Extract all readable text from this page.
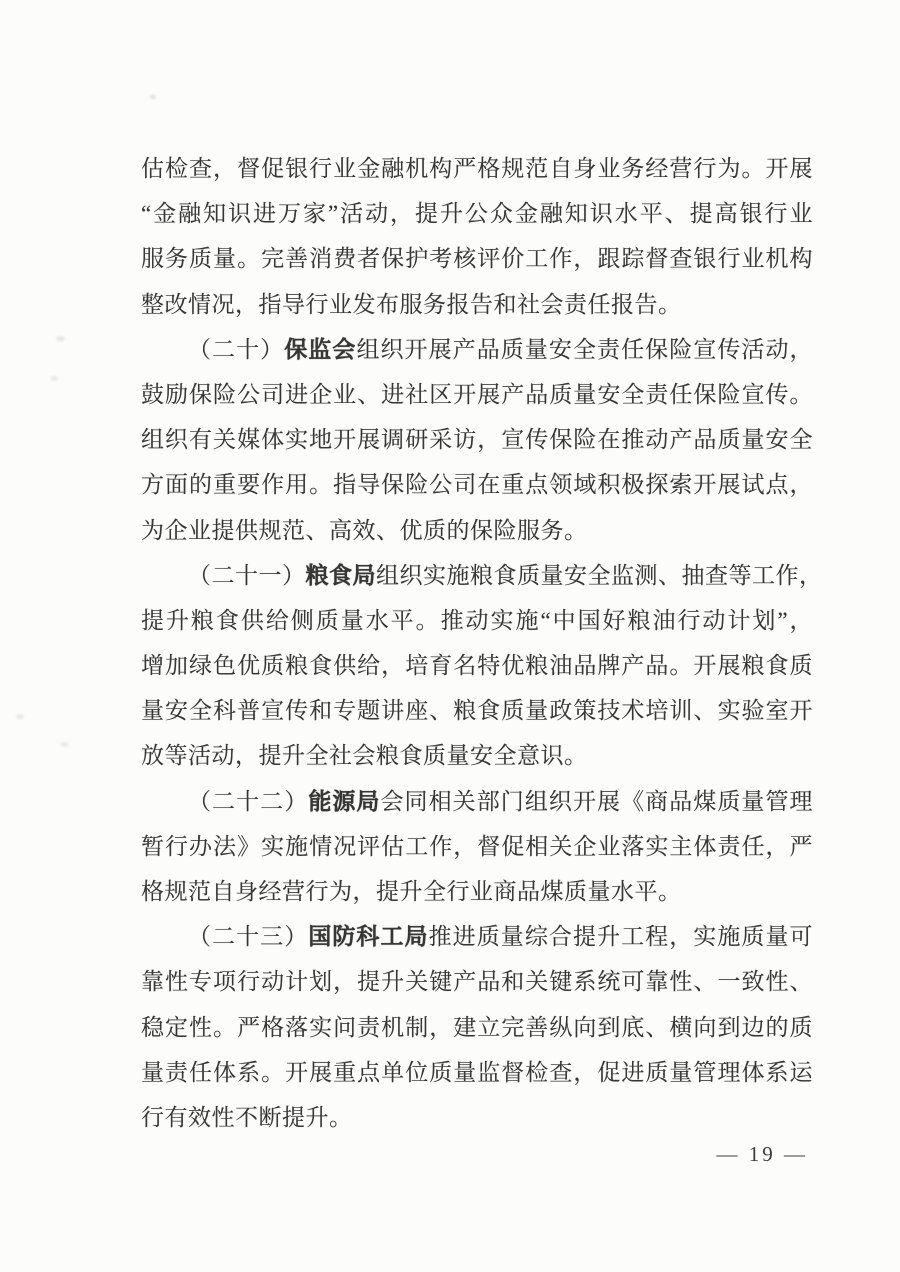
估检查，督促银行业金融机构严格规范自身业务经营行为。开展
“金融知识进万家”活动，提升公众金融知识水平、提高银行业
服务质量。完善消费者保护考核评价工作，跟踪督查银行业机构
整改情况，指导行业发布服务报告和社会责任报告。
（二十）保监会组织开展产品质量安全责任保险宣传活动，
鼓励保险公司进企业、进社区开展产品质量安全责任保险宣传。
组织有关媒体实地开展调研采访，宣传保险在推动产品质量安全
方面的重要作用。指导保险公司在重点领域积极探索开展试点，
为企业提供规范、高效、优质的保险服务。
（二十一）粮食局组织实施粮食质量安全监测、抽查等工作，
提升粮食供给侧质量水平。推动实施“中国好粮油行动计划”，
增加绿色优质粮食供给，培育名特优粮油品牌产品。开展粮食质
量安全科普宣传和专题讲座、粮食质量政策技术培训、实验室开
放等活动，提升全社会粮食质量安全意识。
（二十二）能源局会同相关部门组织开展《商品煤质量管理
暂行办法》实施情况评估工作，督促相关企业落实主体责任，严
格规范自身经营行为，提升全行业商品煤质量水平。
（二十三）国防科工局推进质量综合提升工程，实施质量可
靠性专项行动计划，提升关键产品和关键系统可靠性、一致性、
稳定性。严格落实问责机制，建立完善纵向到底、横向到边的质
量责任体系。开展重点单位质量监督检查，促进质量管理体系运
行有效性不断提升。
— 19 —
